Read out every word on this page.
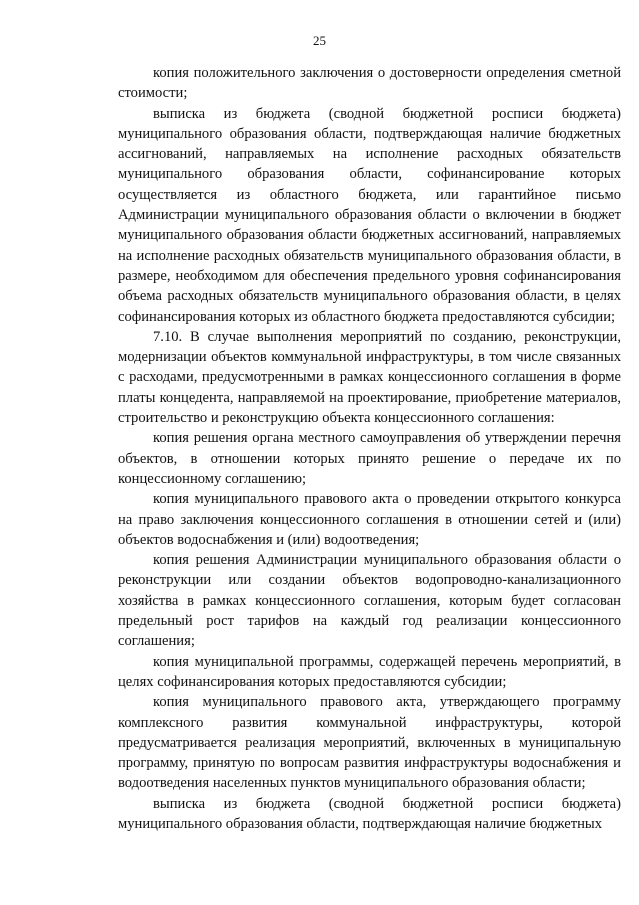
25

копия положительного заключения о достоверности определения сметной стоимости;

выписка из бюджета (сводной бюджетной росписи бюджета) муниципального образования области, подтверждающая наличие бюджетных ассигнований, направляемых на исполнение расходных обязательств муниципального образования области, софинансирование которых осуществляется из областного бюджета, или гарантийное письмо Администрации муниципального образования области о включении в бюджет муниципального образования области бюджетных ассигнований, направляемых на исполнение расходных обязательств муниципального образования области, в размере, необходимом для обеспечения предельного уровня софинансирования объема расходных обязательств муниципального образования области, в целях софинансирования которых из областного бюджета предоставляются субсидии;

7.10. В случае выполнения мероприятий по созданию, реконструкции, модернизации объектов коммунальной инфраструктуры, в том числе связанных с расходами, предусмотренными в рамках концессионного соглашения в форме платы концедента, направляемой на проектирование, приобретение материалов, строительство и реконструкцию объекта концессионного соглашения:

копия решения органа местного самоуправления об утверждении перечня объектов, в отношении которых принято решение о передаче их по концессионному соглашению;

копия муниципального правового акта о проведении открытого конкурса на право заключения концессионного соглашения в отношении сетей и (или) объектов водоснабжения и (или) водоотведения;

копия решения Администрации муниципального образования области о реконструкции или создании объектов водопроводно-канализационного хозяйства в рамках концессионного соглашения, которым будет согласован предельный рост тарифов на каждый год реализации концессионного соглашения;

копия муниципальной программы, содержащей перечень мероприятий, в целях софинансирования которых предоставляются субсидии;

копия муниципального правового акта, утверждающего программу комплексного развития коммунальной инфраструктуры, которой предусматривается реализация мероприятий, включенных в муниципальную программу, принятую по вопросам развития инфраструктуры водоснабжения и водоотведения населенных пунктов муниципального образования области;

выписка из бюджета (сводной бюджетной росписи бюджета) муниципального образования области, подтверждающая наличие бюджетных
